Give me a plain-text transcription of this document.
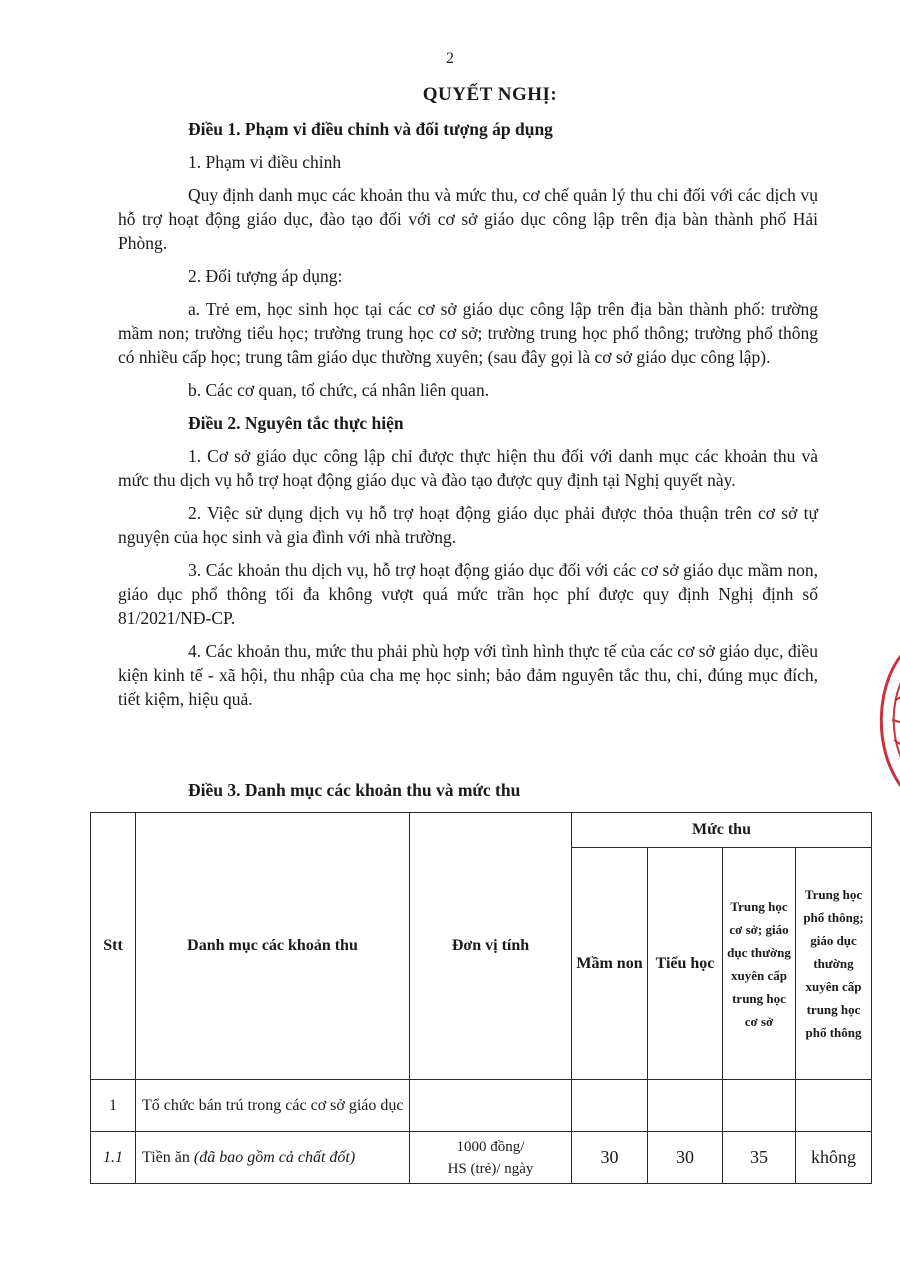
2
QUYẾT NGHỊ:

Điều 1. Phạm vi điều chỉnh và đối tượng áp dụng

1. Phạm vi điều chỉnh

Quy định danh mục các khoản thu và mức thu, cơ chế quản lý thu chi đối với các dịch vụ hỗ trợ hoạt động giáo dục, đào tạo đối với cơ sở giáo dục công lập trên địa bàn thành phố Hải Phòng.

2. Đối tượng áp dụng:

a. Trẻ em, học sinh học tại các cơ sở giáo dục công lập trên địa bàn thành phố: trường mầm non; trường tiểu học; trường trung học cơ sở; trường trung học phổ thông; trường phổ thông có nhiều cấp học; trung tâm giáo dục thường xuyên; (sau đây gọi là cơ sở giáo dục công lập).

b. Các cơ quan, tổ chức, cá nhân liên quan.

Điều 2. Nguyên tắc thực hiện

1. Cơ sở giáo dục công lập chỉ được thực hiện thu đối với danh mục các khoản thu và mức thu dịch vụ hỗ trợ hoạt động giáo dục và đào tạo được quy định tại Nghị quyết này.

2. Việc sử dụng dịch vụ hỗ trợ hoạt động giáo dục phải được thỏa thuận trên cơ sở tự nguyện của học sinh và gia đình với nhà trường.

3. Các khoản thu dịch vụ, hỗ trợ hoạt động giáo dục đối với các cơ sở giáo dục mầm non, giáo dục phổ thông tối đa không vượt quá mức trần học phí được quy định Nghị định số 81/2021/NĐ-CP.

4. Các khoản thu, mức thu phải phù hợp với tình hình thực tế của các cơ sở giáo dục, điều kiện kinh tế - xã hội, thu nhập của cha mẹ học sinh; bảo đảm nguyên tắc thu, chi, đúng mục đích, tiết kiệm, hiệu quả.

Điều 3. Danh mục các khoản thu và mức thu
Stt	Danh mục các khoản thu	Đơn vị tính	Mức thu			
			Mầm non	Tiểu học	Trung học cơ sở; giáo dục thường xuyên cấp trung học cơ sở	Trung học phổ thông; giáo dục thường xuyên cấp trung học phổ thông
1	Tổ chức bán trú trong các cơ sở giáo dục					
1.1	Tiền ăn (đã bao gồm cả chất đốt)	1000 đồng/
HS (trẻ)/ ngày	30	30	35	không
